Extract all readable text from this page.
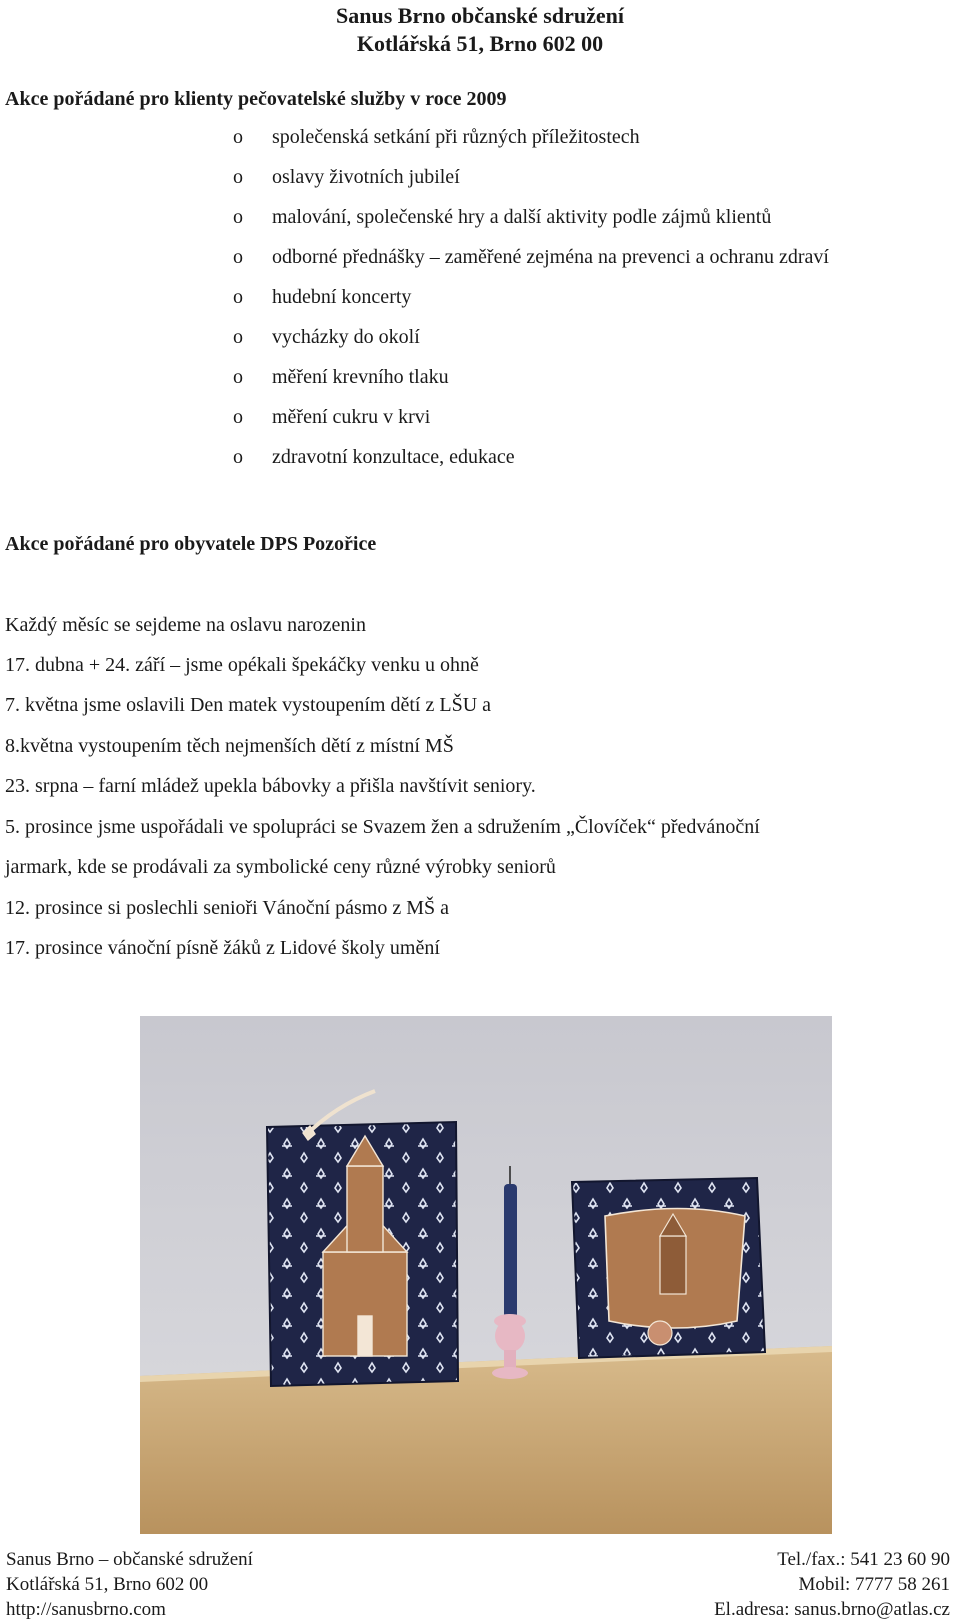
Sanus Brno občanské sdružení
Kotlářská 51, Brno 602 00
Akce pořádané pro klienty pečovatelské služby v roce 2009
o společenská setkání při různých příležitostech
o oslavy životních jubileí
o malování, společenské hry a další aktivity podle zájmů klientů
o odborné přednášky – zaměřené zejména na prevenci a ochranu zdraví
o hudební koncerty
o vycházky do okolí
o měření krevního tlaku
o měření cukru v krvi
o zdravotní konzultace, edukace
Akce pořádané pro obyvatele DPS Pozořice
Každý měsíc se sejdeme na oslavu narozenin
17. dubna + 24. září – jsme opékali špekáčky venku u ohně
7. května jsme oslavili Den matek vystoupením dětí z LŠU a
8.května vystoupením těch nejmenších dětí z místní MŠ
23. srpna – farní mládež upekla bábovky a přišla navštívit seniory.
5. prosince jsme uspořádali ve spolupráci se Svazem žen a sdružením „Človíček“ předvánoční
jarmark, kde se prodávali za symbolické ceny různé výrobky seniorů
12. prosince si poslechli senioři Vánoční pásmo z MŠ a
17. prosince vánoční písně žáků z Lidové školy umění
Sanus Brno – občanské sdružení
Kotlářská 51, Brno 602 00
http://sanusbrno.com
Tel./fax.: 541 23 60 90
Mobil: 7777 58 261
El.adresa: sanus.brno@atlas.cz
